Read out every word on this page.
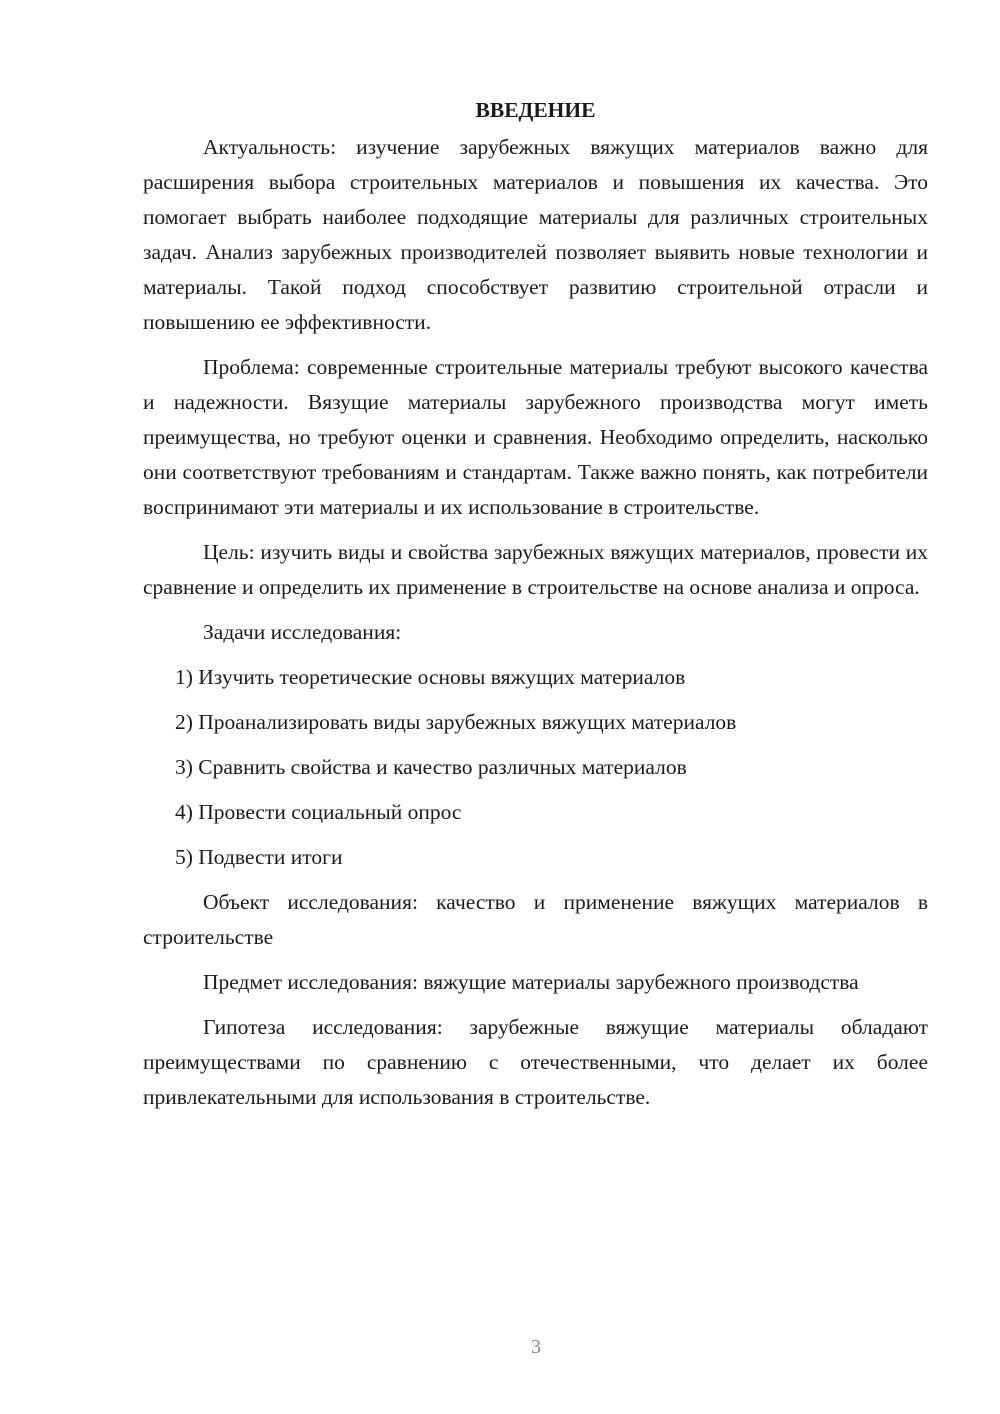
ВВЕДЕНИЕ

Актуальность: изучение зарубежных вяжущих материалов важно для расширения выбора строительных материалов и повышения их качества. Это помогает выбрать наиболее подходящие материалы для различных строительных задач. Анализ зарубежных производителей позволяет выявить новые технологии и материалы. Такой подход способствует развитию строительной отрасли и повышению ее эффективности.

Проблема: современные строительные материалы требуют высокого качества и надежности. Вязущие материалы зарубежного производства могут иметь преимущества, но требуют оценки и сравнения. Необходимо определить, насколько они соответствуют требованиям и стандартам. Также важно понять, как потребители воспринимают эти материалы и их использование в строительстве.

Цель: изучить виды и свойства зарубежных вяжущих материалов, провести их сравнение и определить их применение в строительстве на основе анализа и опроса.

Задачи исследования:

1) Изучить теоретические основы вяжущих материалов
2) Проанализировать виды зарубежных вяжущих материалов
3) Сравнить свойства и качество различных материалов
4) Провести социальный опрос
5) Подвести итоги

Объект исследования: качество и применение вяжущих материалов в строительстве

Предмет исследования: вяжущие материалы зарубежного производства

Гипотеза исследования: зарубежные вяжущие материалы обладают преимуществами по сравнению с отечественными, что делает их более привлекательными для использования в строительстве.

3
